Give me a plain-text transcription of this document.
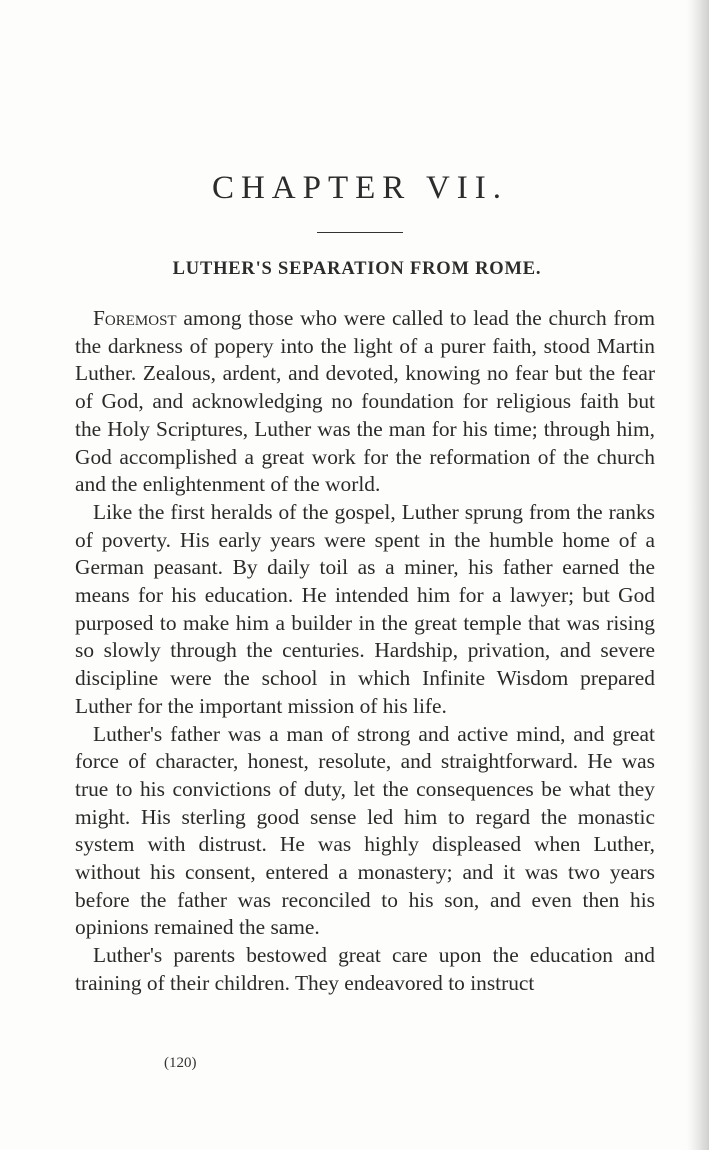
CHAPTER VII.
LUTHER'S SEPARATION FROM ROME.

Foremost among those who were called to lead the church from the darkness of popery into the light of a purer faith, stood Martin Luther. Zealous, ardent, and devoted, knowing no fear but the fear of God, and acknowledging no foundation for religious faith but the Holy Scriptures, Luther was the man for his time; through him, God accomplished a great work for the reformation of the church and the enlightenment of the world.

Like the first heralds of the gospel, Luther sprung from the ranks of poverty. His early years were spent in the humble home of a German peasant. By daily toil as a miner, his father earned the means for his education. He intended him for a lawyer; but God purposed to make him a builder in the great temple that was rising so slowly through the centuries. Hardship, privation, and severe discipline were the school in which Infinite Wisdom prepared Luther for the important mission of his life.

Luther's father was a man of strong and active mind, and great force of character, honest, resolute, and straightforward. He was true to his convictions of duty, let the consequences be what they might. His sterling good sense led him to regard the monastic system with distrust. He was highly displeased when Luther, without his consent, entered a monastery; and it was two years before the father was reconciled to his son, and even then his opinions remained the same.

Luther's parents bestowed great care upon the education and training of their children. They endeavored to instruct

(120)
